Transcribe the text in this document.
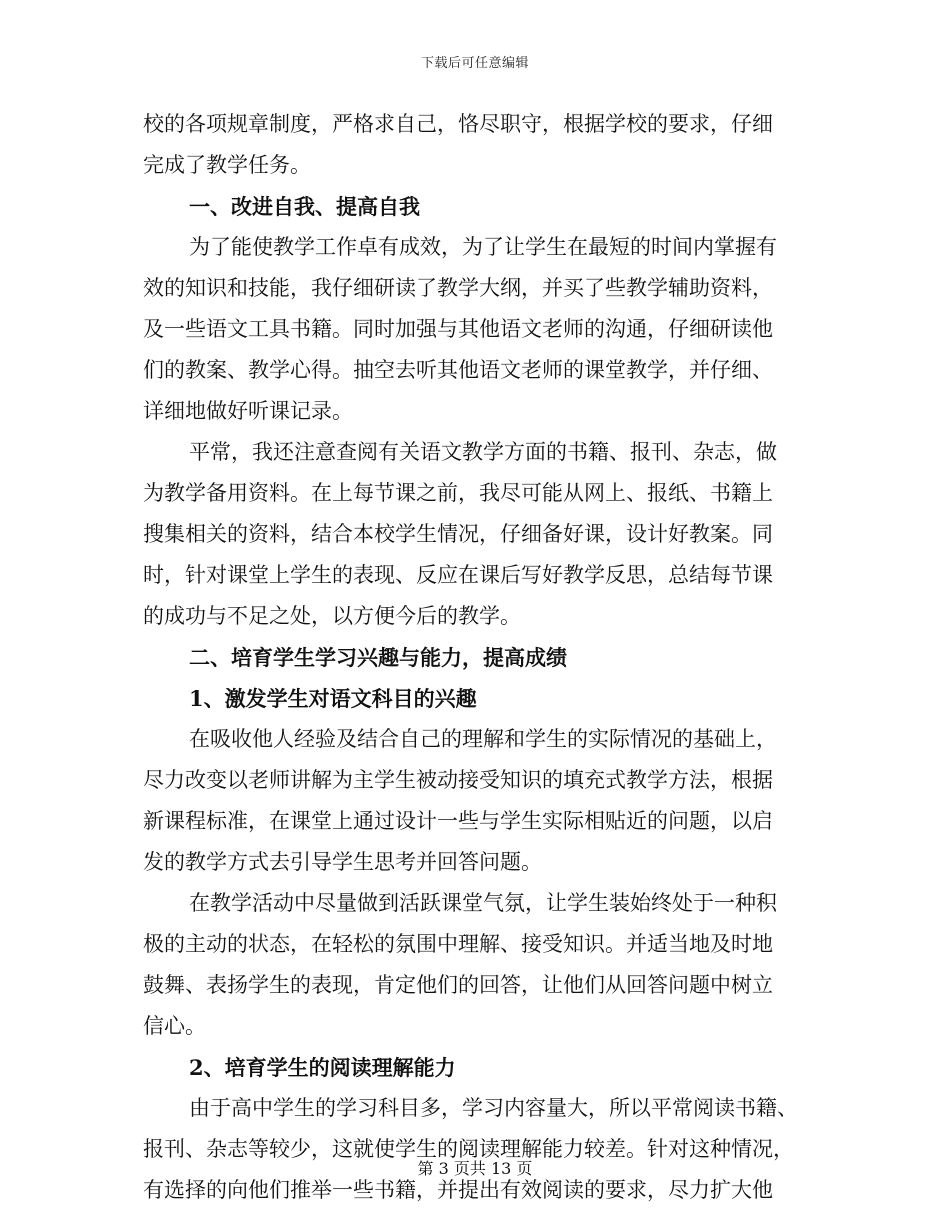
下载后可任意编辑
校的各项规章制度，严格求自己，恪尽职守，根据学校的要求，仔细
完成了教学任务。
一、改进自我、提高自我
为了能使教学工作卓有成效，为了让学生在最短的时间内掌握有
效的知识和技能，我仔细研读了教学大纲，并买了些教学辅助资料，
及一些语文工具书籍。同时加强与其他语文老师的沟通，仔细研读他
们的教案、教学心得。抽空去听其他语文老师的课堂教学，并仔细、
详细地做好听课记录。
平常，我还注意查阅有关语文教学方面的书籍、报刊、杂志，做
为教学备用资料。在上每节课之前，我尽可能从网上、报纸、书籍上
搜集相关的资料，结合本校学生情况，仔细备好课，设计好教案。同
时，针对课堂上学生的表现、反应在课后写好教学反思，总结每节课
的成功与不足之处，以方便今后的教学。
二、培育学生学习兴趣与能力，提高成绩
1、激发学生对语文科目的兴趣
在吸收他人经验及结合自己的理解和学生的实际情况的基础上，
尽力改变以老师讲解为主学生被动接受知识的填充式教学方法，根据
新课程标准，在课堂上通过设计一些与学生实际相贴近的问题，以启
发的教学方式去引导学生思考并回答问题。
在教学活动中尽量做到活跃课堂气氛，让学生装始终处于一种积
极的主动的状态，在轻松的氛围中理解、接受知识。并适当地及时地
鼓舞、表扬学生的表现，肯定他们的回答，让他们从回答问题中树立
信心。
2、培育学生的阅读理解能力
由于高中学生的学习科目多，学习内容量大，所以平常阅读书籍、
报刊、杂志等较少，这就使学生的阅读理解能力较差。针对这种情况，
有选择的向他们推举一些书籍，并提出有效阅读的要求，尽力扩大他
第 3 页共 13 页
